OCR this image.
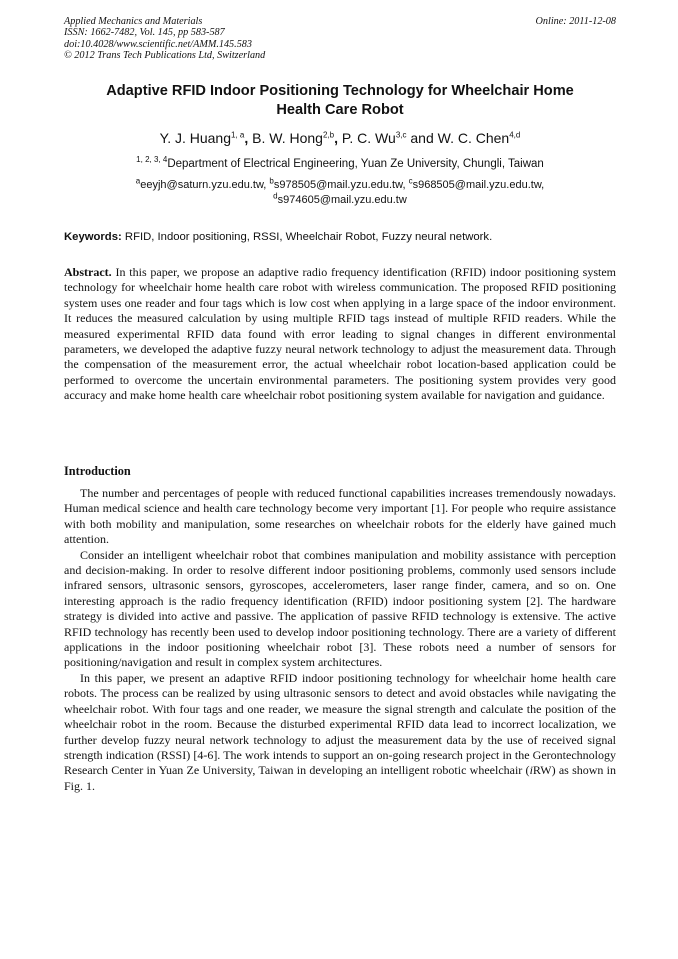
Applied Mechanics and Materials
ISSN: 1662-7482, Vol. 145, pp 583-587
doi:10.4028/www.scientific.net/AMM.145.583
© 2012 Trans Tech Publications Ltd, Switzerland
Online: 2011-12-08
Adaptive RFID Indoor Positioning Technology for Wheelchair Home
Health Care Robot
Y. J. Huang$^{1, a}$, B. W. Hong$^{2,b}$, P. C. Wu$^{3,c}$ and W. C. Chen$^{4,d}$
$^{1, 2, 3, 4}$Department of Electrical Engineering, Yuan Ze University, Chungli, Taiwan
$^a$eeyjh@saturn.yzu.edu.tw, $^b$s978505@mail.yzu.edu.tw, $^c$s968505@mail.yzu.edu.tw,
$^d$s974605@mail.yzu.edu.tw
Keywords: RFID, Indoor positioning, RSSI, Wheelchair Robot, Fuzzy neural network.
Abstract. In this paper, we propose an adaptive radio frequency identification (RFID) indoor positioning system technology for wheelchair home health care robot with wireless communication. The proposed RFID positioning system uses one reader and four tags which is low cost when applying in a large space of the indoor environment. It reduces the measured calculation by using multiple RFID tags instead of multiple RFID readers. While the measured experimental RFID data found with error leading to signal changes in different environmental parameters, we developed the adaptive fuzzy neural network technology to adjust the measurement data. Through the compensation of the measurement error, the actual wheelchair robot location-based application could be performed to overcome the uncertain environmental parameters. The positioning system provides very good accuracy and make home health care wheelchair robot positioning system available for navigation and guidance.
Introduction

The number and percentages of people with reduced functional capabilities increases tremendously nowadays. Human medical science and health care technology become very important [1]. For people who require assistance with both mobility and manipulation, some researches on wheelchair robots for the elderly have gained much attention.

Consider an intelligent wheelchair robot that combines manipulation and mobility assistance with perception and decision-making. In order to resolve different indoor positioning problems, commonly used sensors include infrared sensors, ultrasonic sensors, gyroscopes, accelerometers, laser range finder, camera, and so on. One interesting approach is the radio frequency identification (RFID) indoor positioning system [2]. The hardware strategy is divided into active and passive. The application of passive RFID technology is extensive. The active RFID technology has recently been used to develop indoor positioning technology. There are a variety of different applications in the indoor positioning wheelchair robot [3]. These robots need a number of sensors for positioning/navigation and result in complex system architectures.

In this paper, we present an adaptive RFID indoor positioning technology for wheelchair home health care robots. The process can be realized by using ultrasonic sensors to detect and avoid obstacles while navigating the wheelchair robot. With four tags and one reader, we measure the signal strength and calculate the position of the wheelchair robot in the room. Because the disturbed experimental RFID data lead to incorrect localization, we further develop fuzzy neural network technology to adjust the measurement data by the use of received signal strength indication (RSSI) [4-6]. The work intends to support an on-going research project in the Gerontechnology Research Center in Yuan Ze University, Taiwan in developing an intelligent robotic wheelchair (iRW) as shown in Fig. 1.
